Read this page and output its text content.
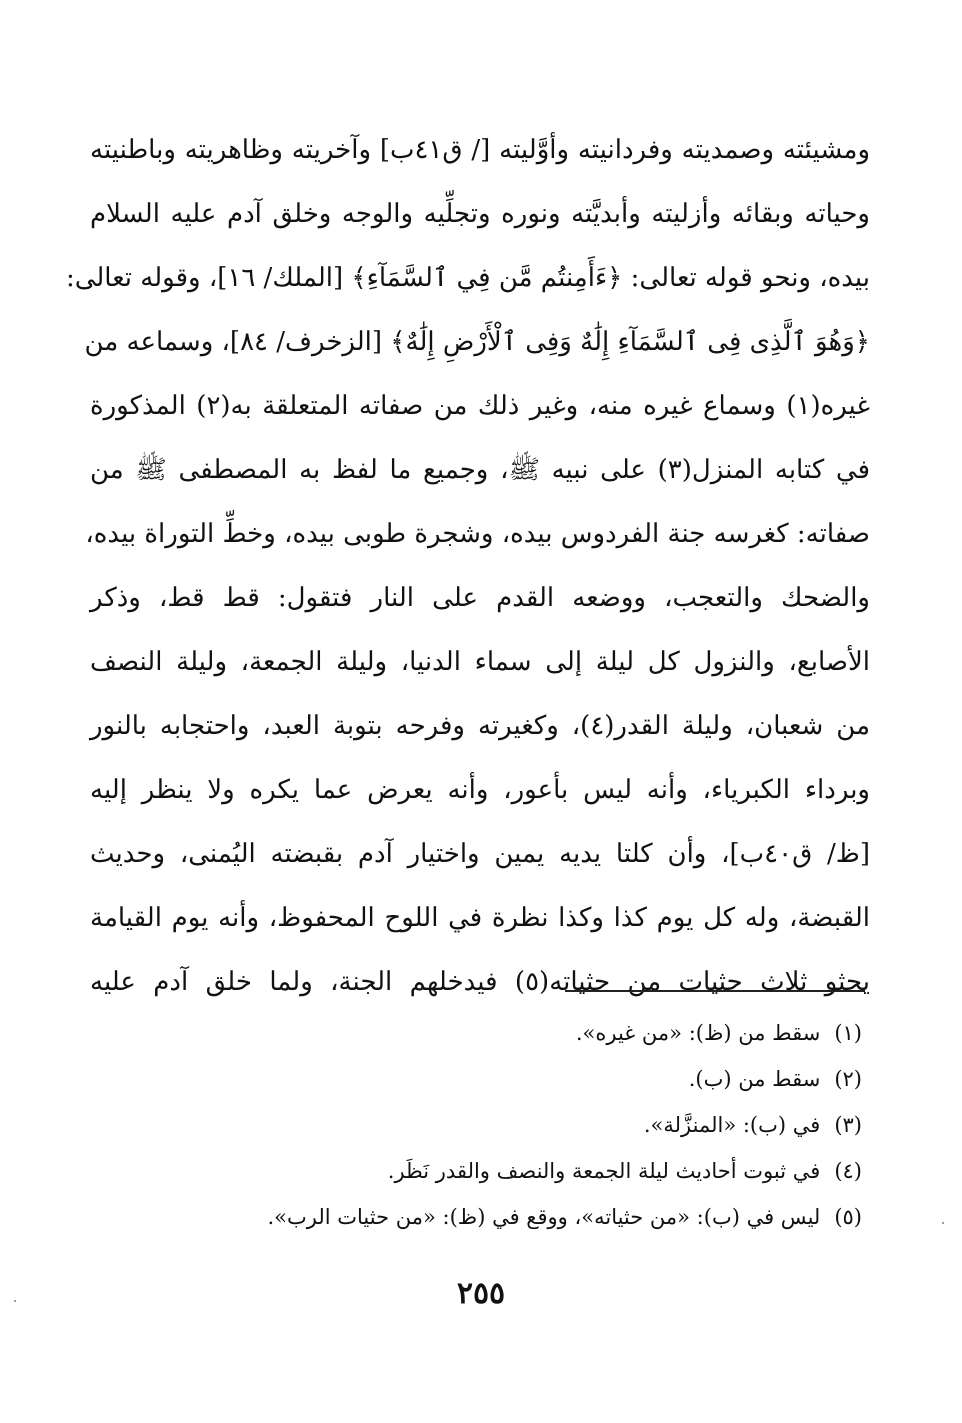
ومشيئته وصمديته وفردانيته وأوَّليته [/ ق٤١ب] وآخريته وظاهريته وباطنيته
وحياته وبقائه وأزليته وأبديَّته ونوره وتجلِّيه والوجه وخلق آدم عليه السلام
بيده، ونحو قوله تعالى: ﴿ءَأَمِنتُم مَّن فِي ٱلسَّمَآءِ﴾ [الملك/ ١٦]، وقوله تعالى:
﴿وَهُوَ ٱلَّذِى فِى ٱلسَّمَآءِ إِلَٰهٌ وَفِى ٱلْأَرْضِ إِلَٰهٌ﴾ [الزخرف/ ٨٤]، وسماعه من
غيره(١) وسماع غيره منه، وغير ذلك من صفاته المتعلقة به(٢) المذكورة
في كتابه المنزل(٣) على نبيه ﷺ، وجميع ما لفظ به المصطفى ﷺ من
صفاته: كغرسه جنة الفردوس بيده، وشجرة طوبى بيده، وخطِّ التوراة بيده،
والضحك والتعجب، ووضعه القدم على النار فتقول: قط قط، وذكر
الأصابع، والنزول كل ليلة إلى سماء الدنيا، وليلة الجمعة، وليلة النصف
من شعبان، وليلة القدر(٤)، وكغيرته وفرحه بتوبة العبد، واحتجابه بالنور
وبرداء الكبرياء، وأنه ليس بأعور، وأنه يعرض عما يكره ولا ينظر إليه
[ظ/ ق٤٠ب]، وأن كلتا يديه يمين واختيار آدم بقبضته اليُمنى، وحديث
القبضة، وله كل يوم كذا وكذا نظرة في اللوح المحفوظ، وأنه يوم القيامة
يحثو ثلاث حثيات من حثياته(٥) فيدخلهم الجنة، ولما خلق آدم عليه
(١)سقط من (ظ): «من غيره».
(٢)سقط من (ب).
(٣)في (ب): «المنزَّلة».
(٤)في ثبوت أحاديث ليلة الجمعة والنصف والقدر نَظَر.
(٥)ليس في (ب): «من حثياته»، ووقع في (ظ): «من حثيات الرب».
٢٥٥
